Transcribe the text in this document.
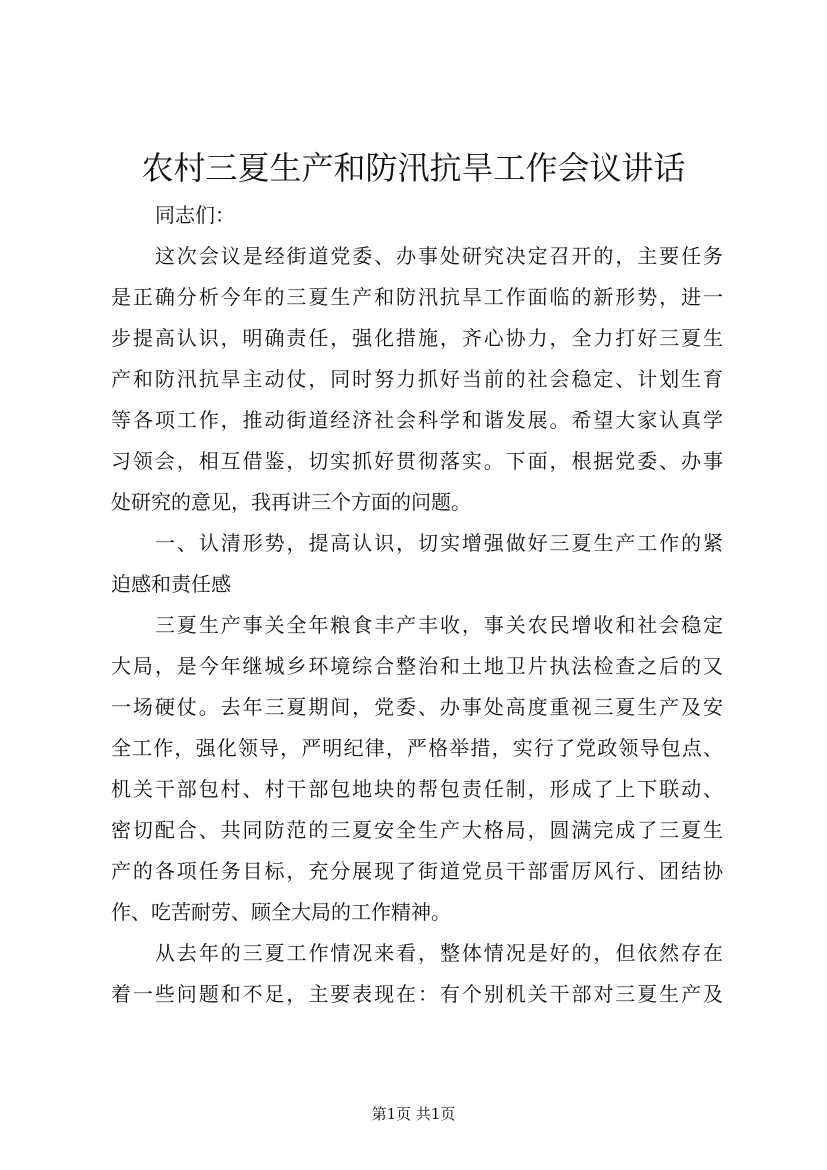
农村三夏生产和防汛抗旱工作会议讲话
同志们：
这次会议是经街道党委、办事处研究决定召开的，主要任务
是正确分析今年的三夏生产和防汛抗旱工作面临的新形势，进一
步提高认识，明确责任，强化措施，齐心协力，全力打好三夏生
产和防汛抗旱主动仗，同时努力抓好当前的社会稳定、计划生育
等各项工作，推动街道经济社会科学和谐发展。希望大家认真学
习领会，相互借鉴，切实抓好贯彻落实。下面，根据党委、办事
处研究的意见，我再讲三个方面的问题。
一、认清形势，提高认识，切实增强做好三夏生产工作的紧
迫感和责任感
三夏生产事关全年粮食丰产丰收，事关农民增收和社会稳定
大局，是今年继城乡环境综合整治和土地卫片执法检查之后的又
一场硬仗。去年三夏期间，党委、办事处高度重视三夏生产及安
全工作，强化领导，严明纪律，严格举措，实行了党政领导包点、
机关干部包村、村干部包地块的帮包责任制，形成了上下联动、
密切配合、共同防范的三夏安全生产大格局，圆满完成了三夏生
产的各项任务目标，充分展现了街道党员干部雷厉风行、团结协
作、吃苦耐劳、顾全大局的工作精神。
从去年的三夏工作情况来看，整体情况是好的，但依然存在
着一些问题和不足，主要表现在：有个别机关干部对三夏生产及
第1页 共1页
